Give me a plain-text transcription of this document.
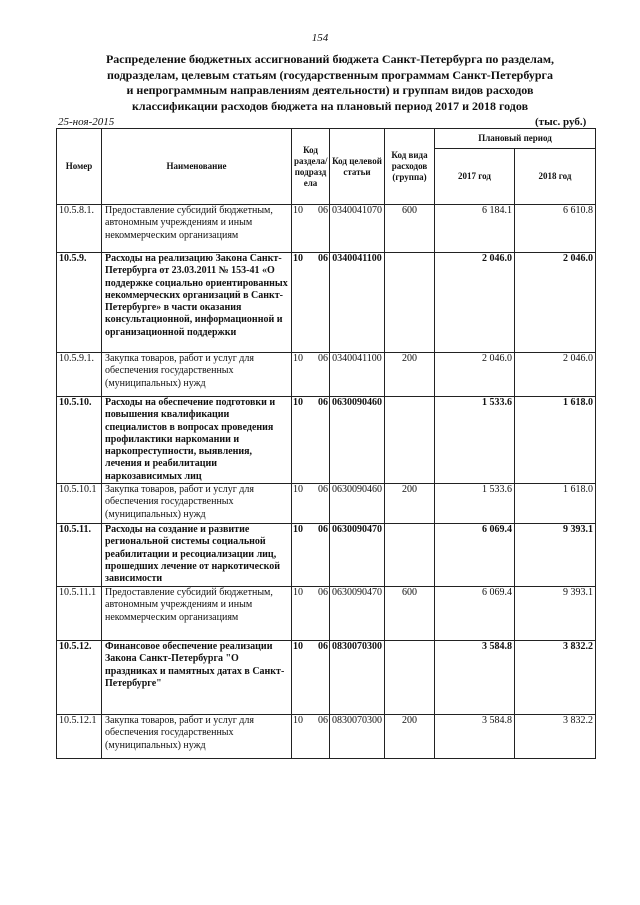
154
Распределение бюджетных ассигнований бюджета Санкт-Петербурга по разделам,
подразделам, целевым статьям (государственным программам Санкт-Петербурга
и непрограммным направлениям деятельности) и группам видов расходов
классификации расходов бюджета на плановый период 2017 и 2018 годов
25-ноя-2015	(тыс. руб.)
Номер	Наименование	Код раздела/ подразд ела		Код целевой статьи	Код вида расходов (группа)	Плановый период	
						2017 год	2018 год
10.5.8.1.	Предоставление субсидий бюджетным, автономным учреждениям и иным некоммерческим организациям	10	06	0340041070	600	6 184.1	6 610.8
10.5.9.	Расходы на реализацию Закона Санкт-Петербурга от 23.03.2011 № 153-41 «О поддержке социально ориентированных некоммерческих организаций в Санкт-Петербурге» в части оказания консультационной, информационной и организационной поддержки	10	06	0340041100		2 046.0	2 046.0
10.5.9.1.	Закупка товаров, работ и услуг для обеспечения государственных (муниципальных) нужд	10	06	0340041100	200	2 046.0	2 046.0
10.5.10.	Расходы на обеспечение подготовки и повышения квалификации специалистов в вопросах проведения профилактики наркомании и наркопреступности, выявления, лечения и реабилитации наркозависимых лиц	10	06	0630090460		1 533.6	1 618.0
10.5.10.1	Закупка товаров, работ и услуг для обеспечения государственных (муниципальных) нужд	10	06	0630090460	200	1 533.6	1 618.0
10.5.11.	Расходы на создание и развитие региональной системы социальной реабилитации и ресоциализации лиц, прошедших лечение от наркотической зависимости	10	06	0630090470		6 069.4	9 393.1
10.5.11.1	Предоставление субсидий бюджетным, автономным учреждениям и иным некоммерческим организациям	10	06	0630090470	600	6 069.4	9 393.1
10.5.12.	Финансовое обеспечение реализации Закона Санкт-Петербурга "О праздниках и памятных датах в Санкт-Петербурге"	10	06	0830070300		3 584.8	3 832.2
10.5.12.1	Закупка товаров, работ и услуг для обеспечения государственных (муниципальных) нужд	10	06	0830070300	200	3 584.8	3 832.2
